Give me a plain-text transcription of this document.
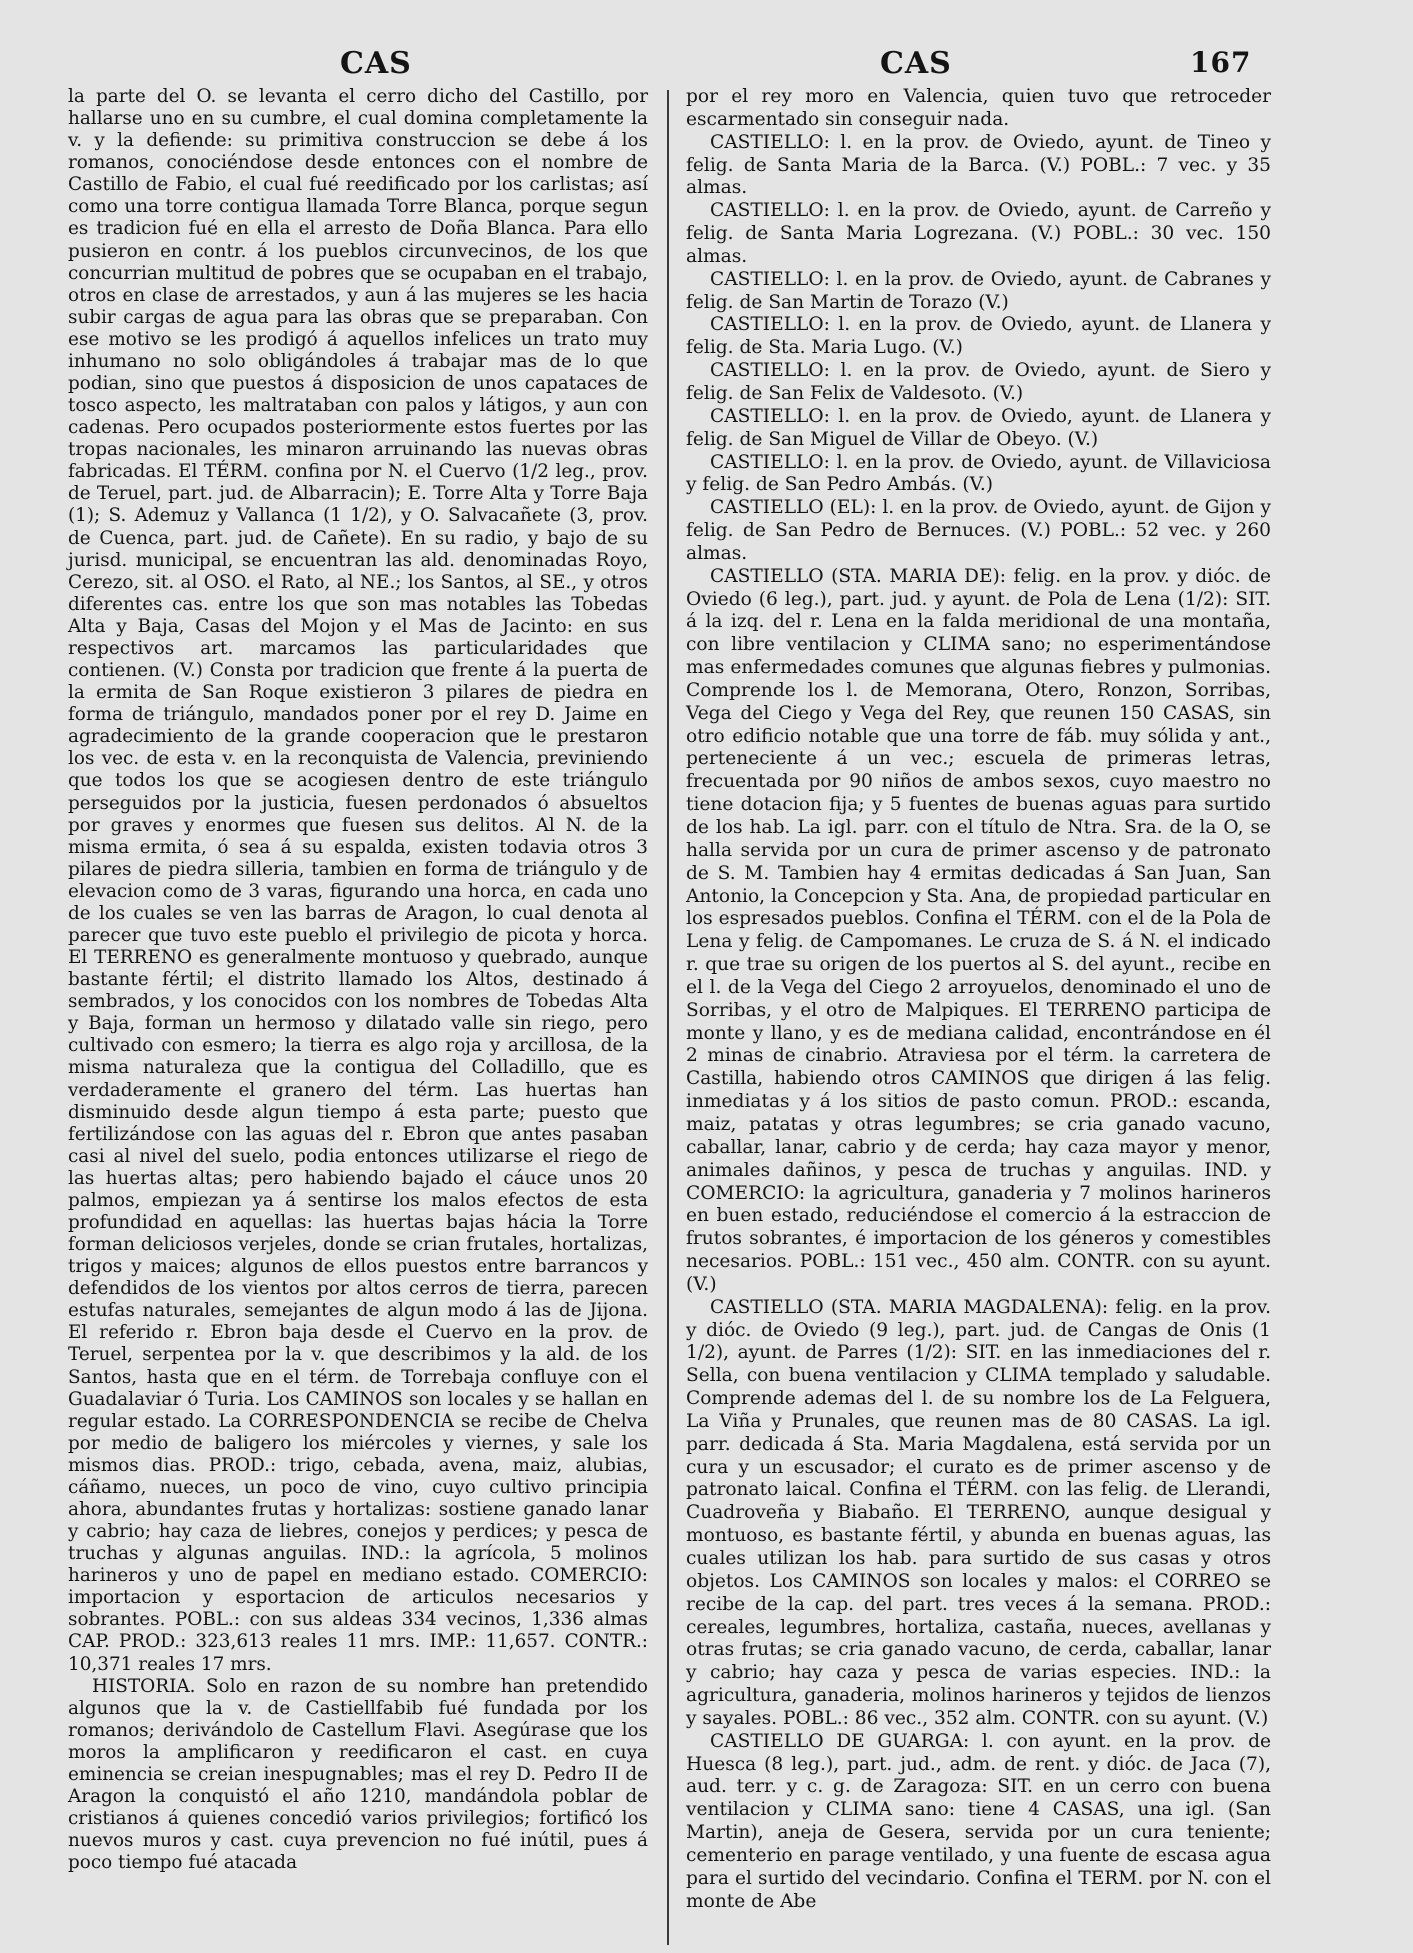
CAS	CAS	167

la parte del O. se levanta el cerro dicho del Castillo, por hallarse uno en su cumbre, el cual domina completamente la v. y la defiende: su primitiva construccion se debe á los romanos, conociéndose desde entonces con el nombre de Castillo de Fabio, el cual fué reedificado por los carlistas; así como una torre contigua llamada Torre Blanca, porque segun es tradicion fué en ella el arresto de Doña Blanca. Para ello pusieron en contr. á los pueblos circunvecinos, de los que concurrian multitud de pobres que se ocupaban en el trabajo, otros en clase de arrestados, y aun á las mujeres se les hacia subir cargas de agua para las obras que se preparaban. Con ese motivo se les prodigó á aquellos infelices un trato muy inhumano no solo obligándoles á trabajar mas de lo que podian, sino que puestos á disposicion de unos capataces de tosco aspecto, les maltrataban con palos y látigos, y aun con cadenas. Pero ocupados posteriormente estos fuertes por las tropas nacionales, les minaron arruinando las nuevas obras fabricadas. El TÉRM. confina por N. el Cuervo (1/2 leg., prov. de Teruel, part. jud. de Albarracin); E. Torre Alta y Torre Baja (1); S. Ademuz y Vallanca (1 1/2), y O. Salvacañete (3, prov. de Cuenca, part. jud. de Cañete). En su radio, y bajo de su jurisd. municipal, se encuentran las ald. denominadas Royo, Cerezo, sit. al OSO. el Rato, al NE.; los Santos, al SE., y otros diferentes cas. entre los que son mas notables las Tobedas Alta y Baja, Casas del Mojon y el Mas de Jacinto: en sus respectivos art. marcamos las particularidades que contienen. (V.) Consta por tradicion que frente á la puerta de la ermita de San Roque existieron 3 pilares de piedra en forma de triángulo, mandados poner por el rey D. Jaime en agradecimiento de la grande cooperacion que le prestaron los vec. de esta v. en la reconquista de Valencia, previniendo que todos los que se acogiesen dentro de este triángulo perseguidos por la justicia, fuesen perdonados ó absueltos por graves y enormes que fuesen sus delitos. Al N. de la misma ermita, ó sea á su espalda, existen todavia otros 3 pilares de piedra silleria, tambien en forma de triángulo y de elevacion como de 3 varas, figurando una horca, en cada uno de los cuales se ven las barras de Aragon, lo cual denota al parecer que tuvo este pueblo el privilegio de picota y horca. El TERRENO es generalmente montuoso y quebrado, aunque bastante fértil; el distrito llamado los Altos, destinado á sembrados, y los conocidos con los nombres de Tobedas Alta y Baja, forman un hermoso y dilatado valle sin riego, pero cultivado con esmero; la tierra es algo roja y arcillosa, de la misma naturaleza que la contigua del Colladillo, que es verdaderamente el granero del térm. Las huertas han disminuido desde algun tiempo á esta parte; puesto que fertilizándose con las aguas del r. Ebron que antes pasaban casi al nivel del suelo, podia entonces utilizarse el riego de las huertas altas; pero habiendo bajado el cáuce unos 20 palmos, empiezan ya á sentirse los malos efectos de esta profundidad en aquellas: las huertas bajas hácia la Torre forman deliciosos verjeles, donde se crian frutales, hortalizas, trigos y maices; algunos de ellos puestos entre barrancos y defendidos de los vientos por altos cerros de tierra, parecen estufas naturales, semejantes de algun modo á las de Jijona. El referido r. Ebron baja desde el Cuervo en la prov. de Teruel, serpentea por la v. que describimos y la ald. de los Santos, hasta que en el térm. de Torrebaja confluye con el Guadalaviar ó Turia. Los CAMINOS son locales y se hallan en regular estado. La CORRESPONDENCIA se recibe de Chelva por medio de baligero los miércoles y viernes, y sale los mismos dias. PROD.: trigo, cebada, avena, maiz, alubias, cáñamo, nueces, un poco de vino, cuyo cultivo principia ahora, abundantes frutas y hortalizas: sostiene ganado lanar y cabrio; hay caza de liebres, conejos y perdices; y pesca de truchas y algunas anguilas. IND.: la agrícola, 5 molinos harineros y uno de papel en mediano estado. COMERCIO: importacion y esportacion de articulos necesarios y sobrantes. POBL.: con sus aldeas 334 vecinos, 1,336 almas CAP. PROD.: 323,613 reales 11 mrs. IMP.: 11,657. CONTR.: 10,371 reales 17 mrs.

HISTORIA. Solo en razon de su nombre han pretendido algunos que la v. de Castiellfabib fué fundada por los romanos; derivándolo de Castellum Flavi. Asegúrase que los moros la amplificaron y reedificaron el cast. en cuya eminencia se creian inespugnables; mas el rey D. Pedro II de Aragon la conquistó el año 1210, mandándola poblar de cristianos á quienes concedió varios privilegios; fortificó los nuevos muros y cast. cuya prevencion no fué inútil, pues á poco tiempo fué atacada

por el rey moro en Valencia, quien tuvo que retroceder escarmentado sin conseguir nada.

CASTIELLO: l. en la prov. de Oviedo, ayunt. de Tineo y felig. de Santa Maria de la Barca. (V.) POBL.: 7 vec. y 35 almas.

CASTIELLO: l. en la prov. de Oviedo, ayunt. de Carreño y felig. de Santa Maria Logrezana. (V.) POBL.: 30 vec. 150 almas.

CASTIELLO: l. en la prov. de Oviedo, ayunt. de Cabranes y felig. de San Martin de Torazo (V.)

CASTIELLO: l. en la prov. de Oviedo, ayunt. de Llanera y felig. de Sta. Maria Lugo. (V.)

CASTIELLO: l. en la prov. de Oviedo, ayunt. de Siero y felig. de San Felix de Valdesoto. (V.)

CASTIELLO: l. en la prov. de Oviedo, ayunt. de Llanera y felig. de San Miguel de Villar de Obeyo. (V.)

CASTIELLO: l. en la prov. de Oviedo, ayunt. de Villaviciosa y felig. de San Pedro Ambás. (V.)

CASTIELLO (EL): l. en la prov. de Oviedo, ayunt. de Gijon y felig. de San Pedro de Bernuces. (V.) POBL.: 52 vec. y 260 almas.

CASTIELLO (STA. MARIA DE): felig. en la prov. y dióc. de Oviedo (6 leg.), part. jud. y ayunt. de Pola de Lena (1/2): SIT. á la izq. del r. Lena en la falda meridional de una montaña, con libre ventilacion y CLIMA sano; no esperimentándose mas enfermedades comunes que algunas fiebres y pulmonias. Comprende los l. de Memorana, Otero, Ronzon, Sorribas, Vega del Ciego y Vega del Rey, que reunen 150 CASAS, sin otro edificio notable que una torre de fáb. muy sólida y ant., perteneciente á un vec.; escuela de primeras letras, frecuentada por 90 niños de ambos sexos, cuyo maestro no tiene dotacion fija; y 5 fuentes de buenas aguas para surtido de los hab. La igl. parr. con el título de Ntra. Sra. de la O, se halla servida por un cura de primer ascenso y de patronato de S. M. Tambien hay 4 ermitas dedicadas á San Juan, San Antonio, la Concepcion y Sta. Ana, de propiedad particular en los espresados pueblos. Confina el TÉRM. con el de la Pola de Lena y felig. de Campomanes. Le cruza de S. á N. el indicado r. que trae su origen de los puertos al S. del ayunt., recibe en el l. de la Vega del Ciego 2 arroyuelos, denominado el uno de Sorribas, y el otro de Malpiques. El TERRENO participa de monte y llano, y es de mediana calidad, encontrándose en él 2 minas de cinabrio. Atraviesa por el térm. la carretera de Castilla, habiendo otros CAMINOS que dirigen á las felig. inmediatas y á los sitios de pasto comun. PROD.: escanda, maiz, patatas y otras legumbres; se cria ganado vacuno, caballar, lanar, cabrio y de cerda; hay caza mayor y menor, animales dañinos, y pesca de truchas y anguilas. IND. y COMERCIO: la agricultura, ganaderia y 7 molinos harineros en buen estado, reduciéndose el comercio á la estraccion de frutos sobrantes, é importacion de los géneros y comestibles necesarios. POBL.: 151 vec., 450 alm. CONTR. con su ayunt. (V.)

CASTIELLO (STA. MARIA MAGDALENA): felig. en la prov. y dióc. de Oviedo (9 leg.), part. jud. de Cangas de Onis (1 1/2), ayunt. de Parres (1/2): SIT. en las inmediaciones del r. Sella, con buena ventilacion y CLIMA templado y saludable. Comprende ademas del l. de su nombre los de La Felguera, La Viña y Prunales, que reunen mas de 80 CASAS. La igl. parr. dedicada á Sta. Maria Magdalena, está servida por un cura y un escusador; el curato es de primer ascenso y de patronato laical. Confina el TÉRM. con las felig. de Llerandi, Cuadroveña y Biabaño. El TERRENO, aunque desigual y montuoso, es bastante fértil, y abunda en buenas aguas, las cuales utilizan los hab. para surtido de sus casas y otros objetos. Los CAMINOS son locales y malos: el CORREO se recibe de la cap. del part. tres veces á la semana. PROD.: cereales, legumbres, hortaliza, castaña, nueces, avellanas y otras frutas; se cria ganado vacuno, de cerda, caballar, lanar y cabrio; hay caza y pesca de varias especies. IND.: la agricultura, ganaderia, molinos harineros y tejidos de lienzos y sayales. POBL.: 86 vec., 352 alm. CONTR. con su ayunt. (V.)

CASTIELLO DE GUARGA: l. con ayunt. en la prov. de Huesca (8 leg.), part. jud., adm. de rent. y dióc. de Jaca (7), aud. terr. y c. g. de Zaragoza: SIT. en un cerro con buena ventilacion y CLIMA sano: tiene 4 CASAS, una igl. (San Martin), aneja de Gesera, servida por un cura teniente; cementerio en parage ventilado, y una fuente de escasa agua para el surtido del vecindario. Confina el TERM. por N. con el monte de Abe
